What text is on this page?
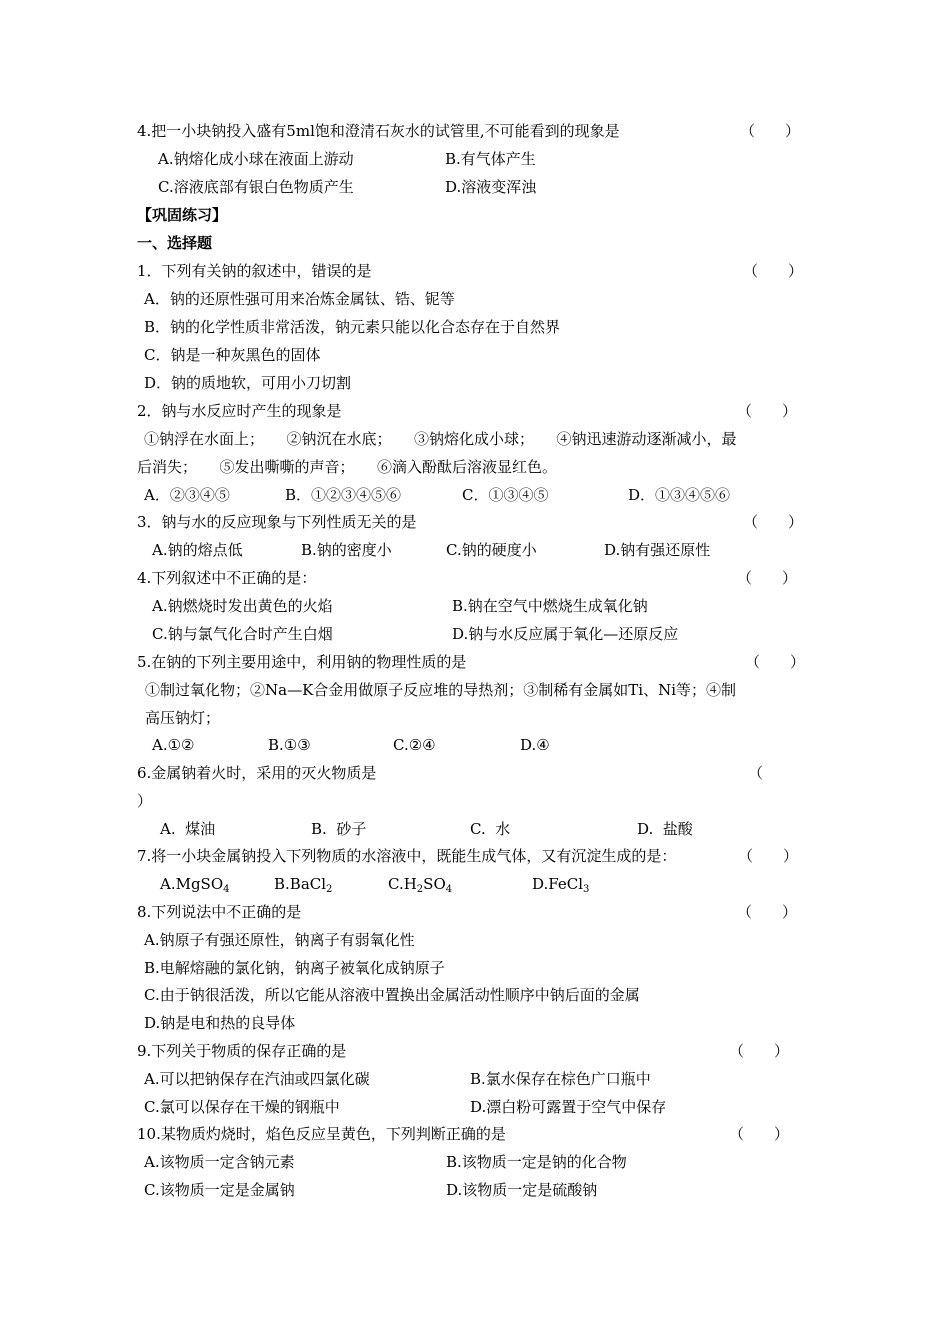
4.把一小块钠投入盛有5ml饱和澄清石灰水的试管里,不可能看到的现象是	（　　）
A.钠熔化成小球在液面上游动	B.有气体产生
C.溶液底部有银白色物质产生	D.溶液变浑浊
【巩固练习】
一、选择题
1．下列有关钠的叙述中，错误的是	（　　）
A．钠的还原性强可用来冶炼金属钛、锆、铌等
B．钠的化学性质非常活泼，钠元素只能以化合态存在于自然界
C．钠是一种灰黑色的固体
D．钠的质地软，可用小刀切割
2．钠与水反应时产生的现象是	（　　）
①钠浮在水面上；　　②钠沉在水底；　　③钠熔化成小球；　　④钠迅速游动逐渐减小，最
后消失；　　⑤发出嘶嘶的声音；　　⑥滴入酚酞后溶液显红色。
A．②③④⑤	B．①②③④⑤⑥	C．①③④⑤	D．①③④⑤⑥
3．钠与水的反应现象与下列性质无关的是	（　　）
A.钠的熔点低	B.钠的密度小	C.钠的硬度小	D.钠有强还原性
4.下列叙述中不正确的是：	（　　）
A.钠燃烧时发出黄色的火焰	B.钠在空气中燃烧生成氧化钠
C.钠与氯气化合时产生白烟	D.钠与水反应属于氧化—还原反应
5.在钠的下列主要用途中，利用钠的物理性质的是	（　　）
①制过氧化物；②Na—K合金用做原子反应堆的导热剂；③制稀有金属如Ti、Ni等；④制
高压钠灯；
A.①②	B.①③	C.②④	D.④
6.金属钠着火时，采用的灭火物质是	（
）
A.  煤油	B.  砂子	C.  水	D.  盐酸
7.将一小块金属钠投入下列物质的水溶液中，既能生成气体，又有沉淀生成的是：	（　　）
A.MgSO$_4$	B.BaCl$_2$	$C.H_2SO_4$	D.FeCl$_3$
8.下列说法中不正确的是	（　　）
A.钠原子有强还原性，钠离子有弱氧化性
B.电解熔融的氯化钠，钠离子被氧化成钠原子
C.由于钠很活泼，所以它能从溶液中置换出金属活动性顺序中钠后面的金属
D.钠是电和热的良导体
9.下列关于物质的保存正确的是	（　　）
A.可以把钠保存在汽油或四氯化碳	B.氯水保存在棕色广口瓶中
C.氯可以保存在干燥的钢瓶中	D.漂白粉可露置于空气中保存
10.某物质灼烧时，焰色反应呈黄色，下列判断正确的是	（　　）
A.该物质一定含钠元素	B.该物质一定是钠的化合物
C.该物质一定是金属钠	D.该物质一定是硫酸钠
